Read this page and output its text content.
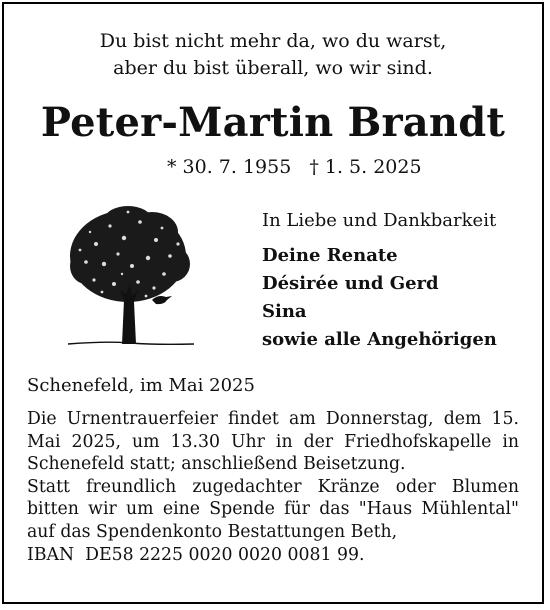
Du bist nicht mehr da, wo du warst,
aber du bist überall, wo wir sind.
Peter-Martin Brandt
* 30. 7. 1955 † 1. 5. 2025
In Liebe und Dankbarkeit
Deine Renate
Désirée und Gerd
Sina
sowie alle Angehörigen
Schenefeld, im Mai 2025

Die Urnentrauerfeier findet am Donnerstag, dem 15.

Mai 2025, um 13.30 Uhr in der Friedhofskapelle in

Schenefeld statt; anschließend Beisetzung.

Statt freundlich zugedachter Kränze oder Blumen

bitten wir um eine Spende für das "Haus Mühlental"

auf das Spendenkonto Bestattungen Beth,

IBAN  DE58 2225 0020 0020 0081 99.
